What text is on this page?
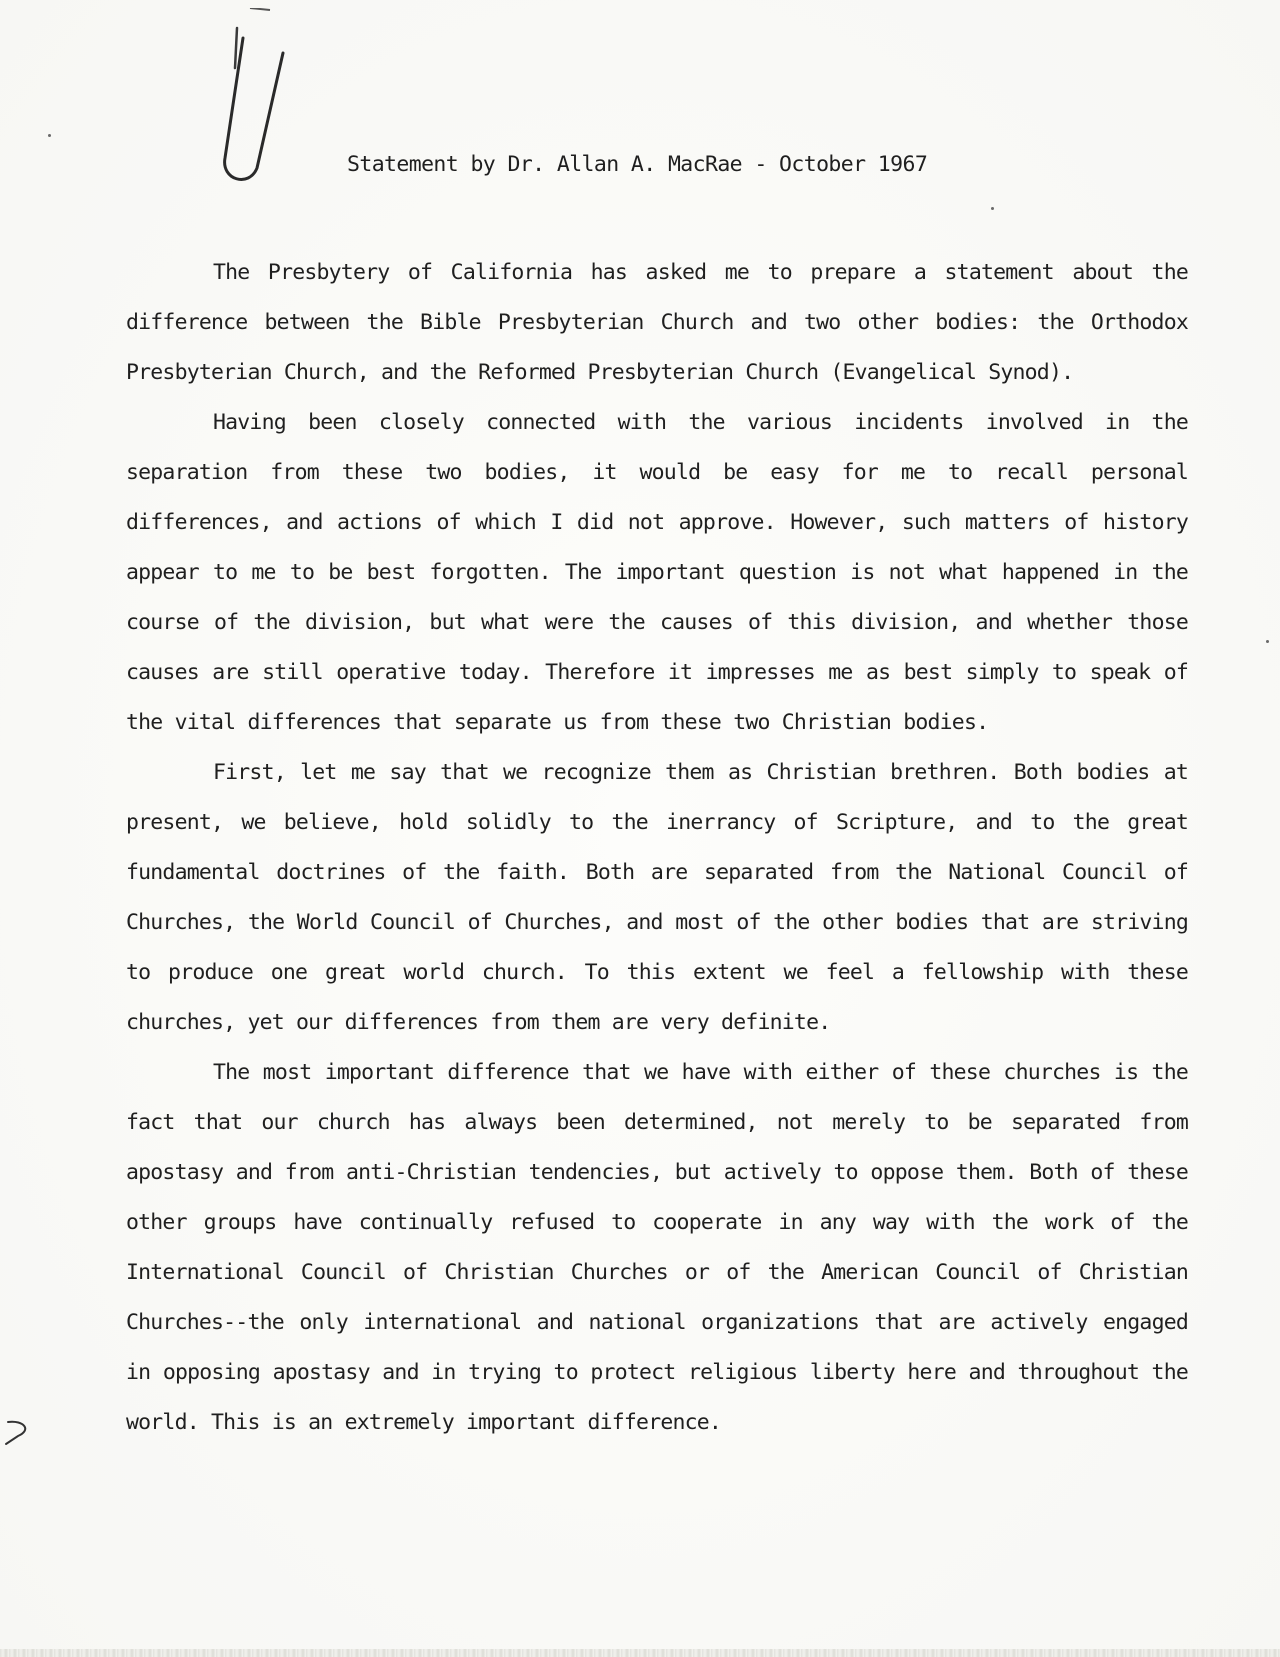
Statement by Dr. Allan A. MacRae - October 1967

The Presbytery of California has asked me to prepare a statement about the difference between the Bible Presbyterian Church and two other bodies: the Orthodox Presbyterian Church, and the Reformed Presbyterian Church (Evangelical Synod).

Having been closely connected with the various incidents involved in the separation from these two bodies, it would be easy for me to recall personal differences, and actions of which I did not approve. However, such matters of history appear to me to be best forgotten. The important question is not what happened in the course of the division, but what were the causes of this division, and whether those causes are still operative today. Therefore it impresses me as best simply to speak of the vital differences that separate us from these two Christian bodies.

First, let me say that we recognize them as Christian brethren. Both bodies at present, we believe, hold solidly to the inerrancy of Scripture, and to the great fundamental doctrines of the faith. Both are separated from the National Council of Churches, the World Council of Churches, and most of the other bodies that are striving to produce one great world church. To this extent we feel a fellowship with these churches, yet our differences from them are very definite.

The most important difference that we have with either of these churches is the fact that our church has always been determined, not merely to be separated from apostasy and from anti-Christian tendencies, but actively to oppose them. Both of these other groups have continually refused to cooperate in any way with the work of the International Council of Christian Churches or of the American Council of Christian Churches--the only international and national organizations that are actively engaged in opposing apostasy and in trying to protect religious liberty here and throughout the world. This is an extremely important difference.
